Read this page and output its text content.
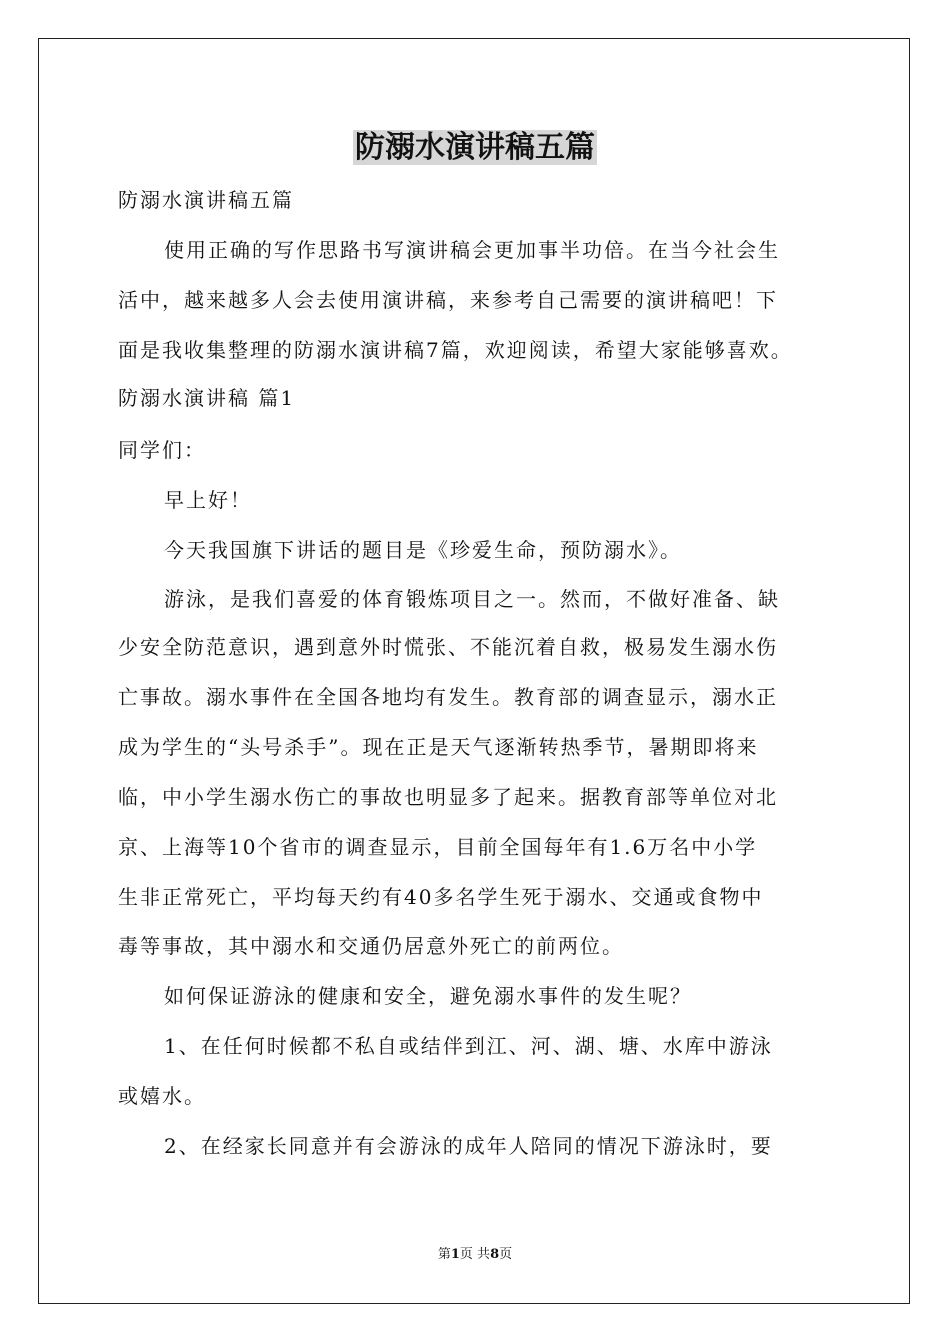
防溺水演讲稿五篇
防溺水演讲稿五篇
使用正确的写作思路书写演讲稿会更加事半功倍。在当今社会生
活中，越来越多人会去使用演讲稿，来参考自己需要的演讲稿吧！下
面是我收集整理的防溺水演讲稿7篇，欢迎阅读，希望大家能够喜欢。
防溺水演讲稿 篇1
同学们：
早上好！
今天我国旗下讲话的题目是《珍爱生命，预防溺水》。
游泳，是我们喜爱的体育锻炼项目之一。然而，不做好准备、缺
少安全防范意识，遇到意外时慌张、不能沉着自救，极易发生溺水伤
亡事故。溺水事件在全国各地均有发生。教育部的调查显示，溺水正
成为学生的“头号杀手”。现在正是天气逐渐转热季节，暑期即将来
临，中小学生溺水伤亡的事故也明显多了起来。据教育部等单位对北
京、上海等10个省市的调查显示，目前全国每年有1.6万名中小学
生非正常死亡，平均每天约有40多名学生死于溺水、交通或食物中
毒等事故，其中溺水和交通仍居意外死亡的前两位。
如何保证游泳的健康和安全，避免溺水事件的发生呢？
1、在任何时候都不私自或结伴到江、河、湖、塘、水库中游泳
或嬉水。
2、在经家长同意并有会游泳的成年人陪同的情况下游泳时，要
第1页 共8页
